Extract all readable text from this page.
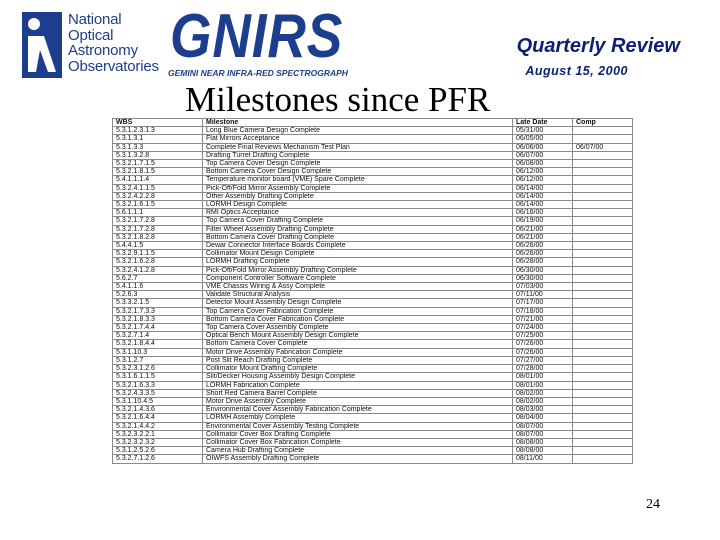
National
Optical
Astronomy
Observatories GNIRS
GEMINI NEAR INFRA-RED SPECTROGRAPH
Quarterly Review
August 15, 2000
Milestones since PFR
WBS	Milestone	Late Date	Comp
5.3.1.2.3.1.3	Long Blue Camera Design Complete	05/31/00	
5.3.1.3.1	Flat Mirrors Acceptance	06/05/00	
5.3.1.3.3	Complete Final Reviews Mechanism Test Plan	06/06/00	06/07/00
5.3.1.3.2.8	Drafting Turret Drafting Complete	06/07/00	
5.3.2.1.7.1.5	Top Camera Cover Design Complete	06/08/00	
5.3.2.1.8.1.5	Bottom Camera Cover Design Complete	06/12/00	
5.4.1.1.1.4	Temperature monitor board (VME) Spare Complete	06/12/00	
5.3.2.4.1.1.5	Pick-Off/Fold Mirror Assembly Complete	06/14/00	
5.3.2.4.2.2.8	Other Assembly Drafting Complete	06/14/00	
5.3.2.1.6.1.5	LORMH Design Complete	06/14/00	
5.6.1.1.1	RMI Optics Acceptance	06/16/00	
5.3.2.1.7.2.8	Top Camera Cover Drafting Complete	06/19/00	
5.3.2.1.7.2.8	Filter Wheel Assembly Drafting Complete	06/21/00	
5.3.2.1.8.2.8	Bottom Camera Cover Drafting Complete	06/21/00	
5.4.4.1.5	Dewar Connector Interface Boards Complete	06/26/00	
5.3.2.9.1.1.5	Collimator Mount Design Complete	06/26/00	
5.3.2.1.6.2.8	LORMH Drafting Complete	06/28/00	
5.3.2.4.1.2.8	Pick-Off/Fold Mirror Assembly Drafting Complete	06/30/00	
5.6.2.7	Component Controller Software Complete	06/30/00	
5.4.1.1.6	VME Chassis Wiring & Assy Complete	07/03/00	
5.2.6.3	Validate Structural Analysis	07/11/00	
5.3.3.2.1.5	Detector Mount Assembly Design Complete	07/17/00	
5.3.2.1.7.3.3	Top Camera Cover Fabrication Complete	07/18/00	
5.3.2.1.8.3.3	Bottom Camera Cover Fabrication Complete	07/21/00	
5.3.2.1.7.4.4	Top Camera Cover Assembly Complete	07/24/00	
5.3.2.7.1.4	Optical Bench Mount Assembly Design Complete	07/25/00	
5.3.2.1.8.4.4	Bottom Camera Cover Complete	07/26/00	
5.3.1.10.3	Motor Drive Assembly Fabrication Complete	07/26/00	
5.3.1.2.7	Post Slit Reach Drafting Complete	07/27/00	
5.3.2.3.1.2.6	Collimator Mount Drafting Complete	07/28/00	
5.3.1.6.1.1.5	Slit/Decker Housing Assembly Design Complete	08/01/00	
5.3.2.1.6.3.3	LORMH Fabrication Complete	08/01/00	
5.3.2.4.3.3.5	Short Red Camera Barrel Complete	08/02/00	
5.3.1.10.4.5	Motor Drive Assembly Complete	08/02/00	
5.3.2.1.4.3.6	Environmental Cover Assembly Fabrication Complete	08/03/00	
5.3.2.1.6.4.4	LORMH Assembly Complete	08/04/00	
5.3.2.1.4.4.2	Environmental Cover Assembly Testing Complete	08/07/00	
5.3.2.3.2.2.1	Collimator Cover Box Drafting Complete	08/07/00	
5.3.2.3.2.3.2	Collimator Cover Box Fabrication Complete	08/08/00	
5.3.1.2.5.2.6	Camera Hub Drafting Complete	08/08/00	
5.3.2.7.1.2.6	OIWFS Assembly Drafting Complete	08/11/00	
24
